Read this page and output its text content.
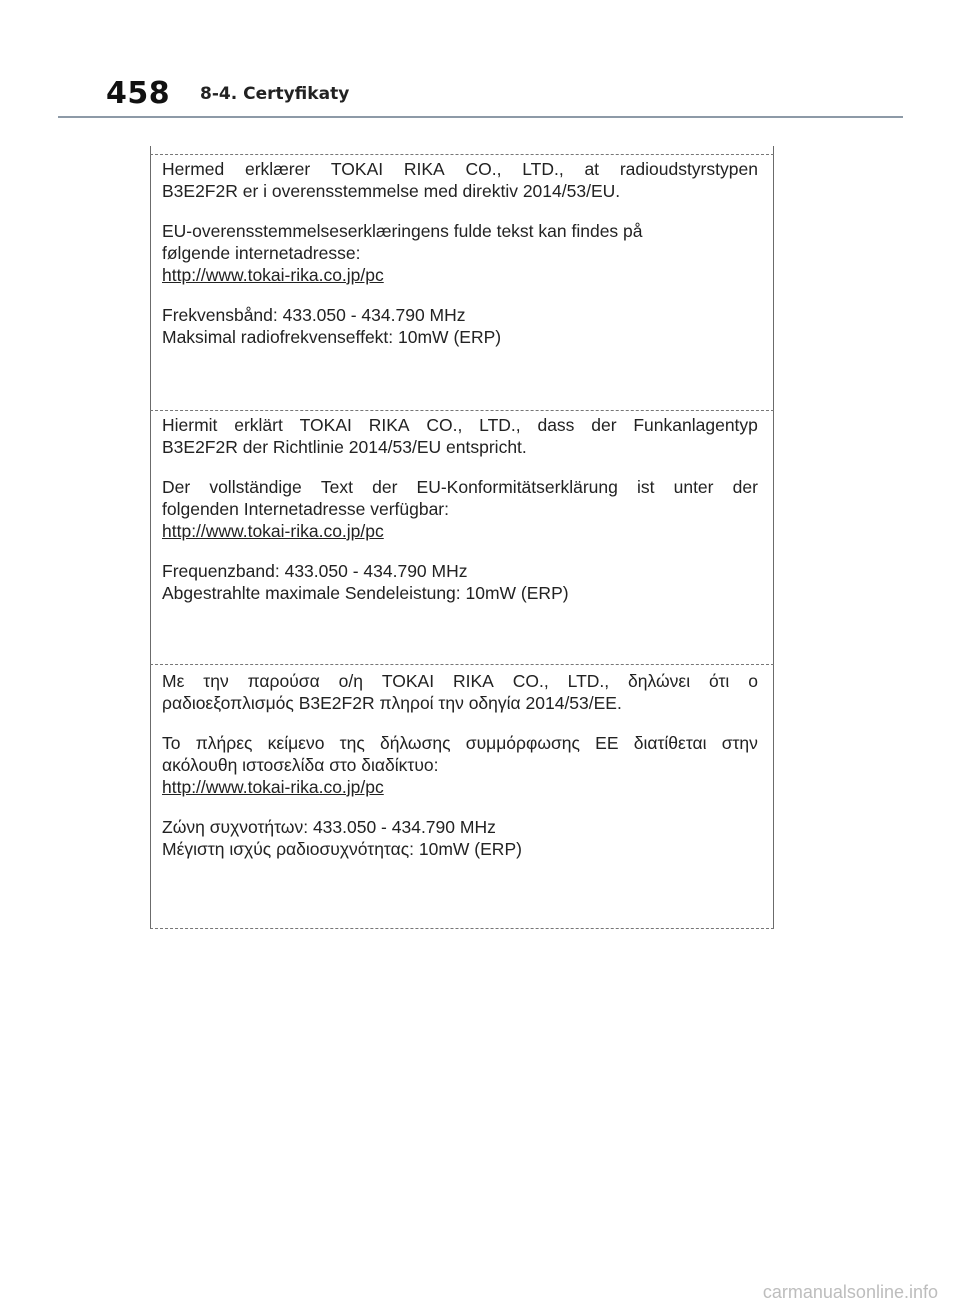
458 8-4. Certyfikaty

Hermed erklærer TOKAI RIKA CO., LTD., at radioudstyrstypen

B3E2F2R er i overensstemmelse med direktiv 2014/53/EU.

EU-overensstemmelseserklæringens fulde tekst kan findes på

følgende internetadresse:

http://www.tokai-rika.co.jp/pc

Frekvensbånd: 433.050 - 434.790 MHz

Maksimal radiofrekvenseffekt: 10mW (ERP)

Hiermit erklärt TOKAI RIKA CO., LTD., dass der Funkanlagentyp

B3E2F2R der Richtlinie 2014/53/EU entspricht.

Der vollständige Text der EU-Konformitätserklärung ist unter der

folgenden Internetadresse verfügbar:

http://www.tokai-rika.co.jp/pc

Frequenzband: 433.050 - 434.790 MHz

Abgestrahlte maximale Sendeleistung: 10mW (ERP)

Με την παρούσα ο/η TOKAI RIKA CO., LTD., δηλώνει ότι ο

ραδιοεξοπλισμός B3E2F2R πληροί την οδηγία 2014/53/ΕΕ.

Το πλήρες κείμενο της δήλωσης συμμόρφωσης ΕΕ διατίθεται στην

ακόλουθη ιστοσελίδα στο διαδίκτυο:

http://www.tokai-rika.co.jp/pc

Ζώνη συχνοτήτων: 433.050 - 434.790 MHz

Μέγιστη ισχύς ραδιοσυχνότητας: 10mW (ERP)

carmanualsonline.info
